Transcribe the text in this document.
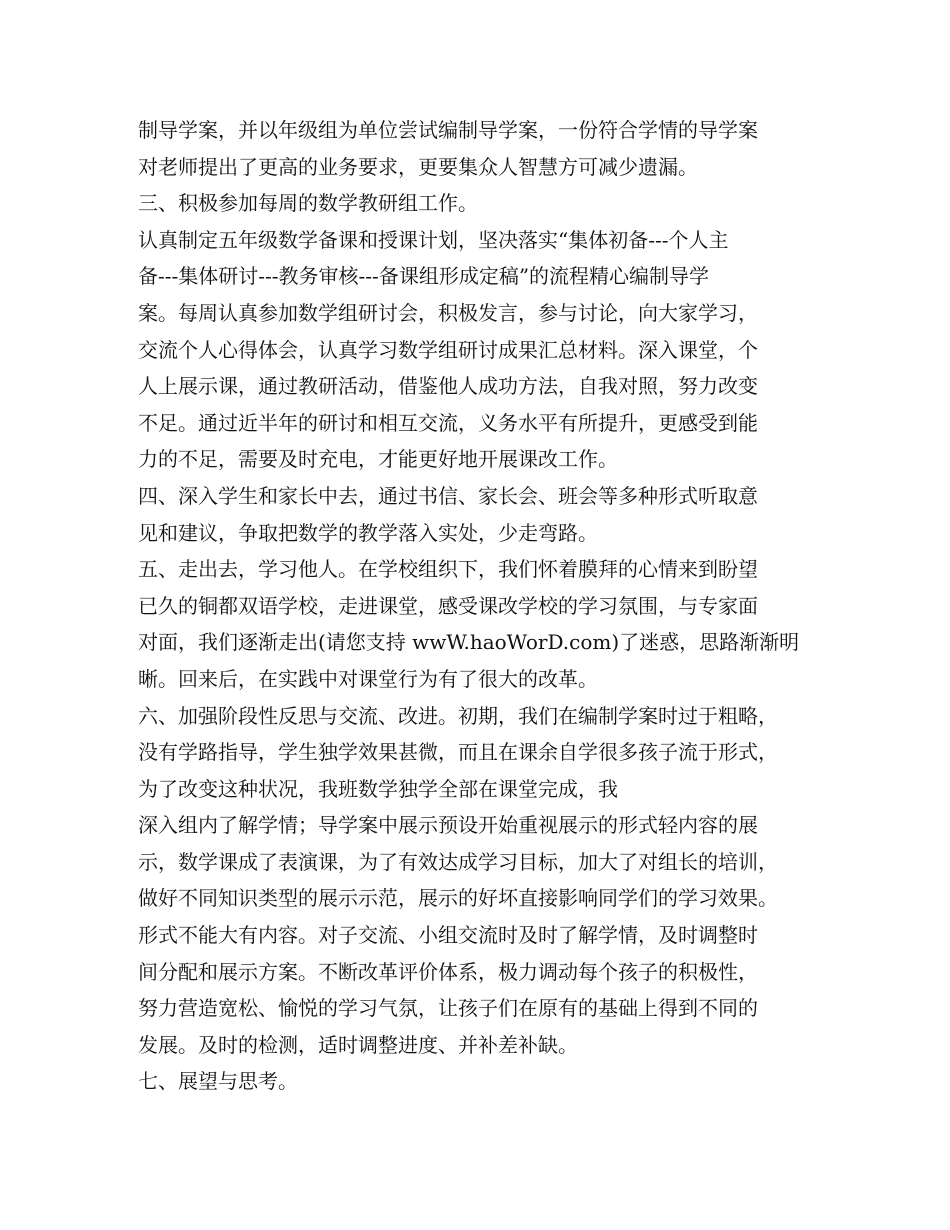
制导学案，并以年级组为单位尝试编制导学案，一份符合学情的导学案
对老师提出了更高的业务要求，更要集众人智慧方可减少遗漏。
三、积极参加每周的数学教研组工作。
认真制定五年级数学备课和授课计划，坚决落实“集体初备---个人主
备---集体研讨---教务审核---备课组形成定稿”的流程精心编制导学
案。每周认真参加数学组研讨会，积极发言，参与讨论，向大家学习，
交流个人心得体会，认真学习数学组研讨成果汇总材料。深入课堂，个
人上展示课，通过教研活动，借鉴他人成功方法，自我对照，努力改变
不足。通过近半年的研讨和相互交流，义务水平有所提升，更感受到能
力的不足，需要及时充电，才能更好地开展课改工作。
四、深入学生和家长中去，通过书信、家长会、班会等多种形式听取意
见和建议，争取把数学的教学落入实处，少走弯路。
五、走出去，学习他人。在学校组织下，我们怀着膜拜的心情来到盼望
已久的铜都双语学校，走进课堂，感受课改学校的学习氛围，与专家面
对面，我们逐渐走出(请您支持 wwW.haoWorD.com)了迷惑，思路渐渐明
晰。回来后，在实践中对课堂行为有了很大的改革。
六、加强阶段性反思与交流、改进。初期，我们在编制学案时过于粗略，
没有学路指导，学生独学效果甚微，而且在课余自学很多孩子流于形式，
为了改变这种状况，我班数学独学全部在课堂完成，我
深入组内了解学情；导学案中展示预设开始重视展示的形式轻内容的展
示，数学课成了表演课，为了有效达成学习目标，加大了对组长的培训，
做好不同知识类型的展示示范，展示的好坏直接影响同学们的学习效果。
形式不能大有内容。对子交流、小组交流时及时了解学情，及时调整时
间分配和展示方案。不断改革评价体系，极力调动每个孩子的积极性，
努力营造宽松、愉悦的学习气氛，让孩子们在原有的基础上得到不同的
发展。及时的检测，适时调整进度、并补差补缺。
七、展望与思考。
